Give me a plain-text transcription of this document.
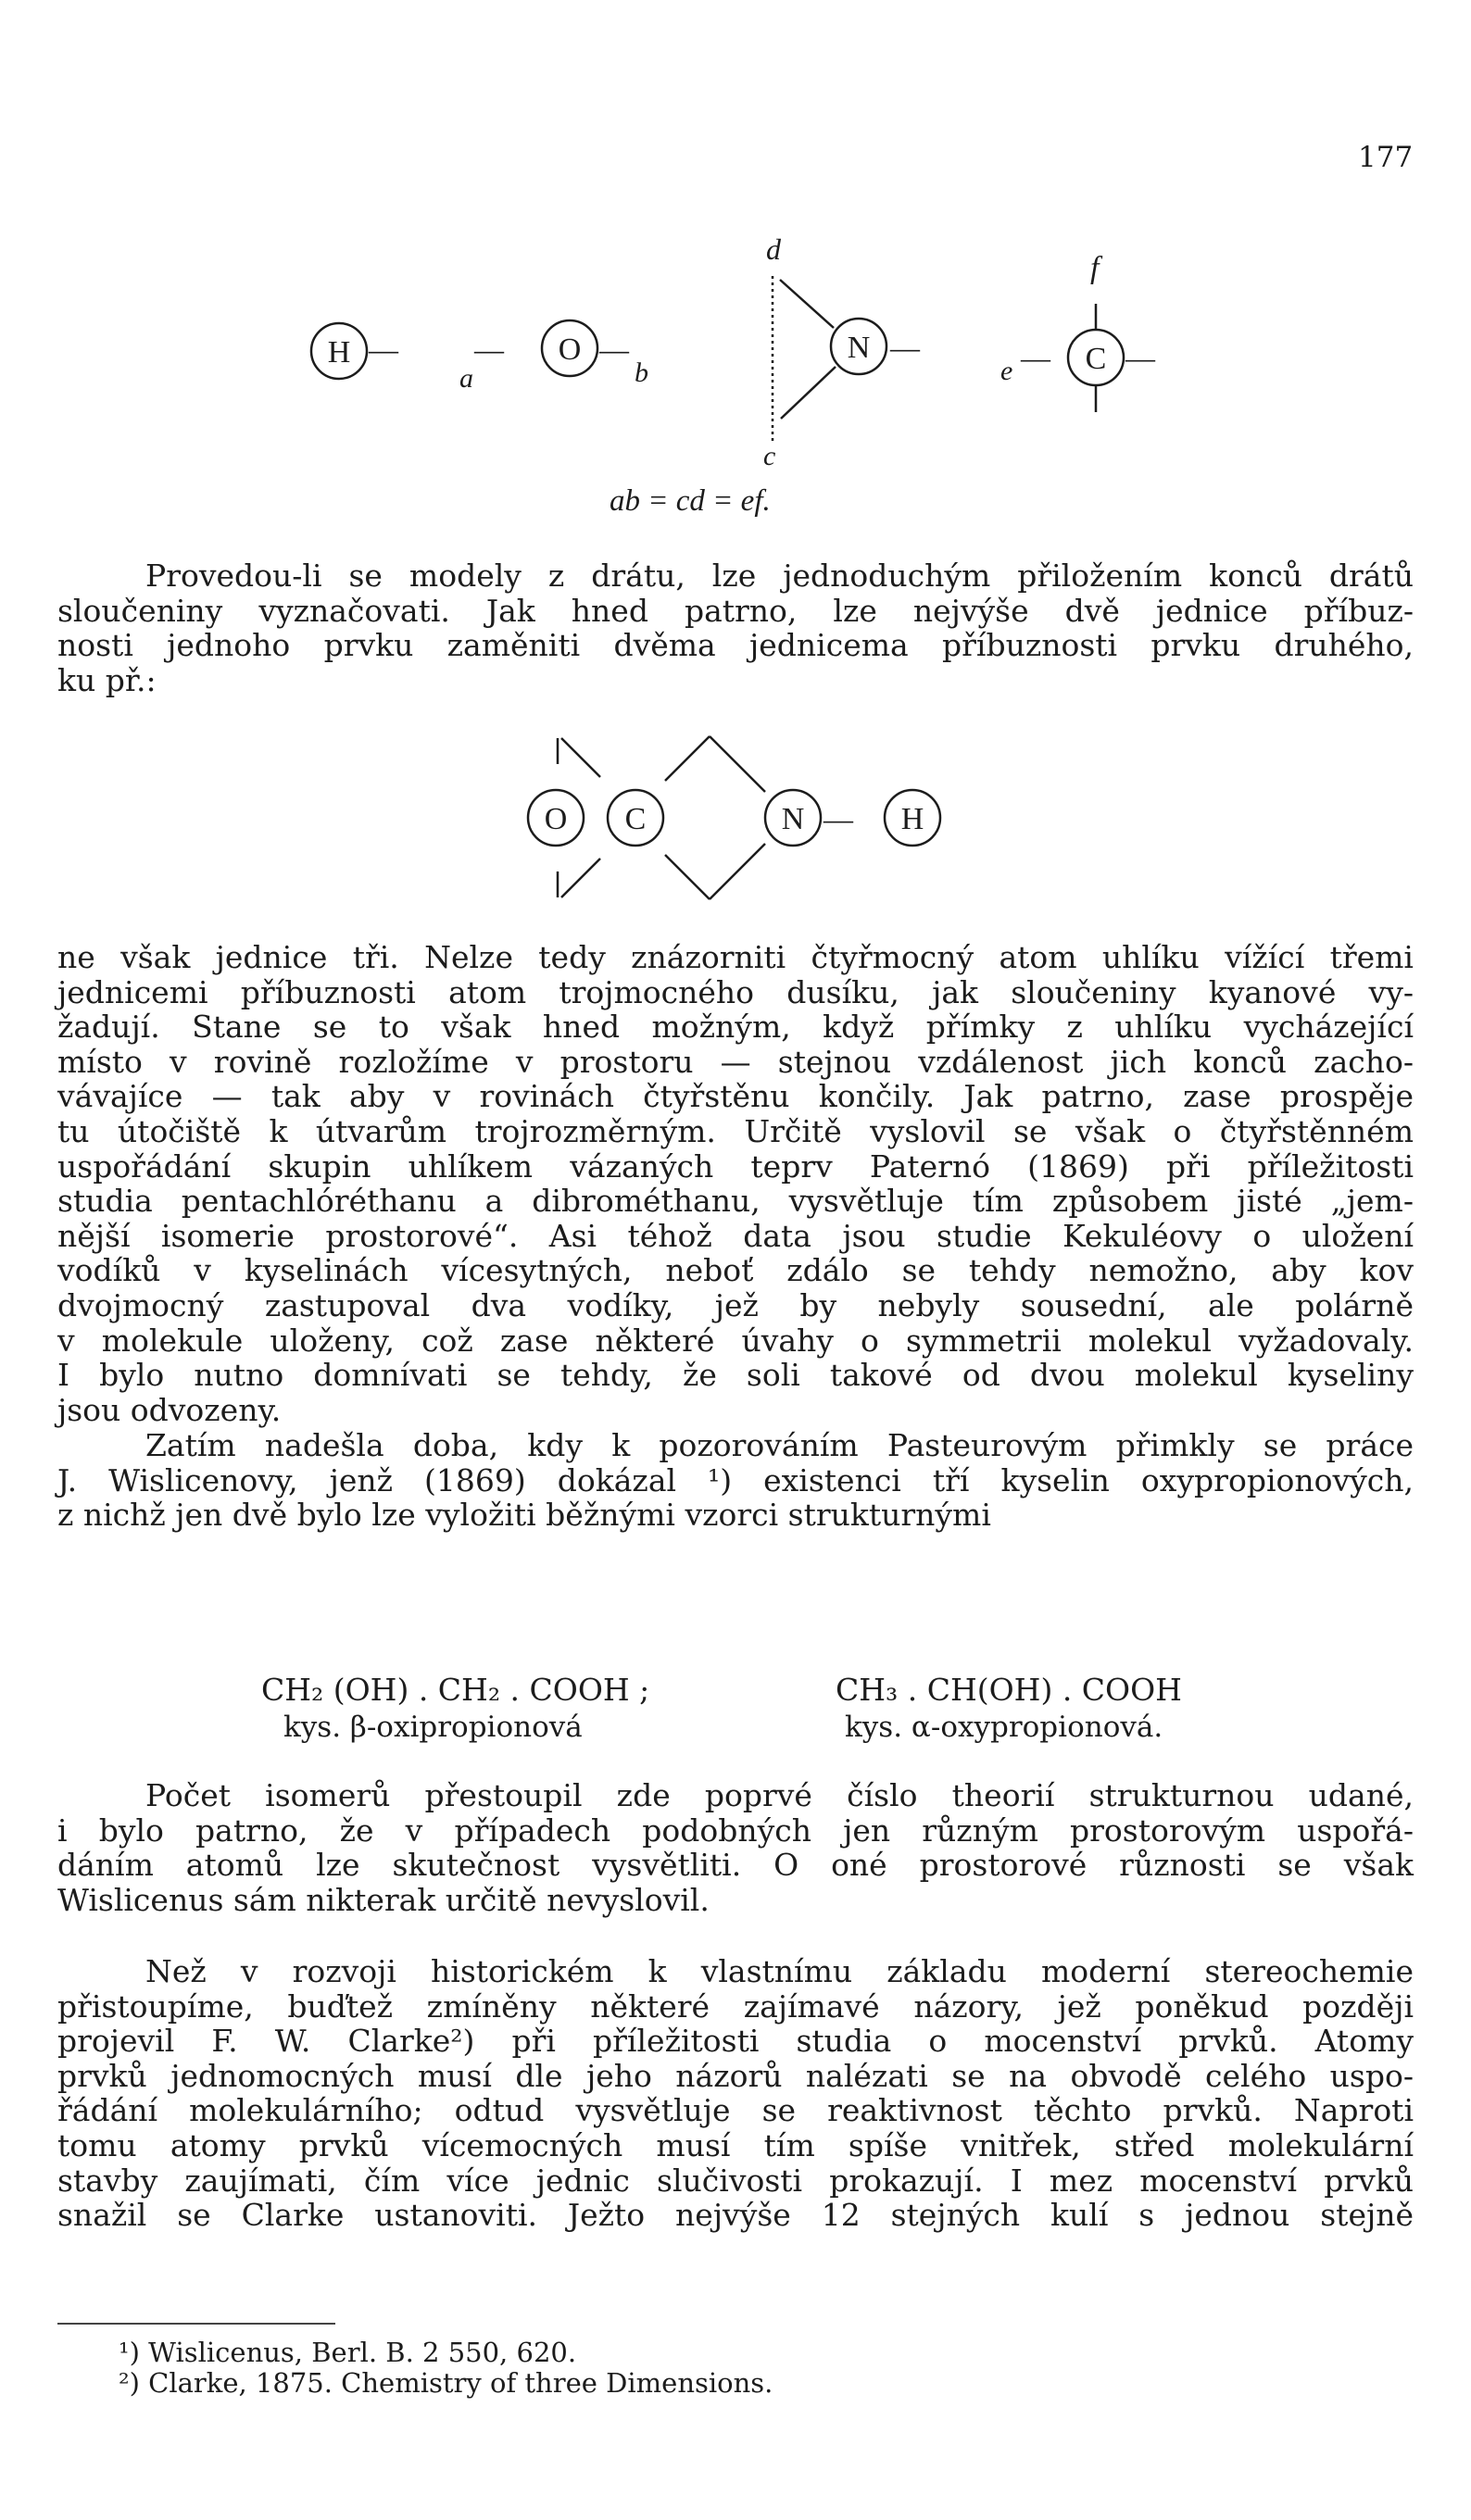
177
H —
a
— O —
b
d
N —
c
e — C —
f
ab = cd = ef.
Provedou-li se modely z drátu, lze jednoduchým přiložením konců drátů
sloučeniny vyznačovati. Jak hned patrno, lze nejvýše dvě jednice příbuz-
nosti jednoho prvku zaměniti dvěma jednicema příbuznosti prvku druhého,
ku př.:
O C	N — H
ne však jednice tři. Nelze tedy znázorniti čtyřmocný atom uhlíku vížící třemi
jednicemi příbuznosti atom trojmocného dusíku, jak sloučeniny kyanové vy-
žadují. Stane se to však hned možným, když přímky z uhlíku vycházející
místo v rovině rozložíme v prostoru — stejnou vzdálenost jich konců zacho-
vávajíce — tak aby v rovinách čtyřstěnu končily. Jak patrno, zase prospěje
tu útočiště k útvarům trojrozměrným. Určitě vyslovil se však o čtyřstěnném
uspořádání skupin uhlíkem vázaných teprv Paternó (1869) při příležitosti
studia pentachlóréthanu a dibrométhanu, vysvětluje tím způsobem jisté „jem-
nější isomerie prostorové“. Asi téhož data jsou studie Kekuléovy o uložení
vodíků v kyselinách vícesytných, neboť zdálo se tehdy nemožno, aby kov
dvojmocný zastupoval dva vodíky, jež by nebyly sousední, ale polárně
v molekule uloženy, což zase některé úvahy o symmetrii molekul vyžadovaly.
I bylo nutno domnívati se tehdy, že soli takové od dvou molekul kyseliny
jsou odvozeny.
Zatím nadešla doba, kdy k pozorováním Pasteurovým přimkly se práce
J. Wislicenovy, jenž (1869) dokázal ¹) existenci tří kyselin oxypropionových,
z nichž jen dvě bylo lze vyložiti běžnými vzorci strukturnými
CH₂ (OH) . CH₂ . COOH ;
kys. β-oxipropionová
CH₃ . CH(OH) . COOH
kys. α-oxypropionová.
Počet isomerů přestoupil zde poprvé číslo theorií strukturnou udané,
i bylo patrno, že v případech podobných jen různým prostorovým uspořá-
dáním atomů lze skutečnost vysvětliti. O oné prostorové různosti se však
Wislicenus sám nikterak určitě nevyslovil.
Než v rozvoji historickém k vlastnímu základu moderní stereochemie
přistoupíme, buďtež zmíněny některé zajímavé názory, jež poněkud později
projevil F. W. Clarke²) při příležitosti studia o mocenství prvků. Atomy
prvků jednomocných musí dle jeho názorů nalézati se na obvodě celého uspo-
řádání molekulárního; odtud vysvětluje se reaktivnost těchto prvků. Naproti
tomu atomy prvků vícemocných musí tím spíše vnitřek, střed molekulární
stavby zaujímati, čím více jednic slučivosti prokazují. I mez mocenství prvků
snažil se Clarke ustanoviti. Ježto nejvýše 12 stejných kulí s jednou stejně
¹) Wislicenus, Berl. B. 2 550, 620.
²) Clarke, 1875. Chemistry of three Dimensions.
